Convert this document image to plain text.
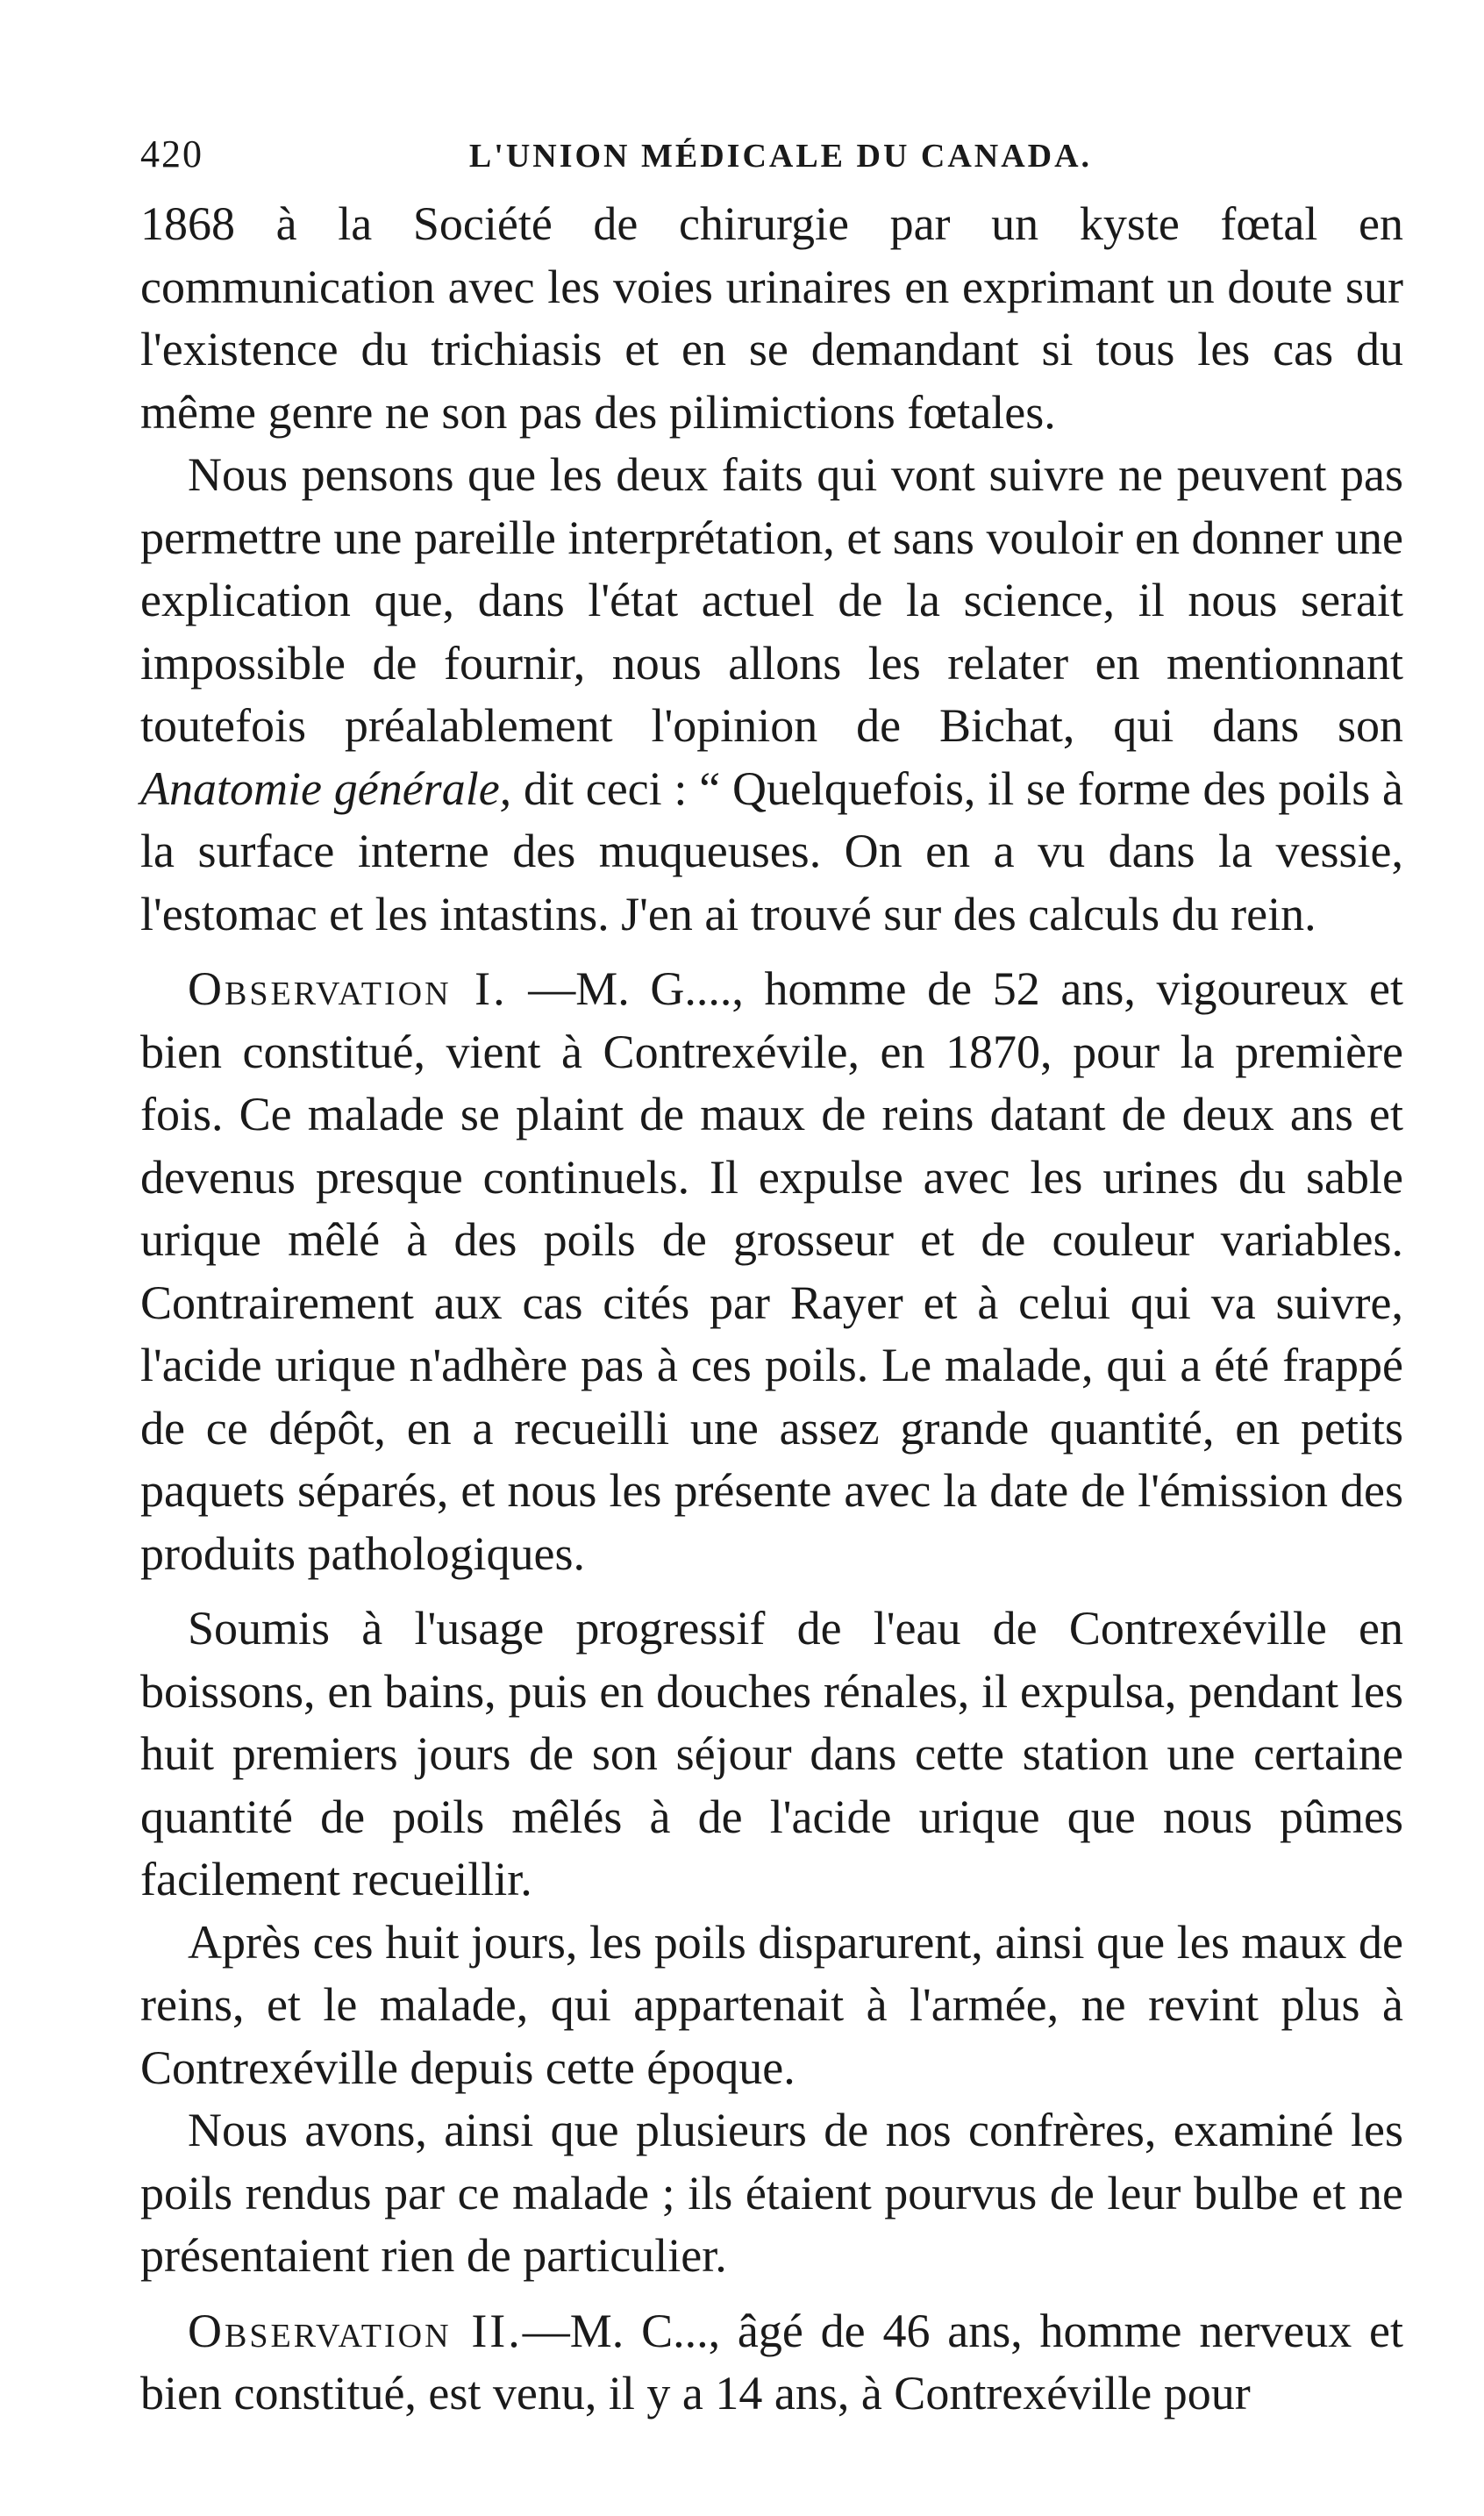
420	L'UNION MÉDICALE DU CANADA.

1868 à la Société de chirurgie par un kyste fœtal en communication avec les voies urinaires en exprimant un doute sur l'existence du trichiasis et en se demandant si tous les cas du même genre ne son pas des pilimictions fœtales.

Nous pensons que les deux faits qui vont suivre ne peuvent pas permettre une pareille interprétation, et sans vouloir en donner une explication que, dans l'état actuel de la science, il nous serait impossible de fournir, nous allons les relater en mentionnant toutefois préalablement l'opinion de Bichat, qui dans son Anatomie générale, dit ceci : “ Quelquefois, il se forme des poils à la surface interne des muqueuses. On en a vu dans la vessie, l'estomac et les intastins. J'en ai trouvé sur des calculs du rein.

Observation I. —M. G...., homme de 52 ans, vigoureux et bien constitué, vient à Contrexévile, en 1870, pour la première fois. Ce malade se plaint de maux de reins datant de deux ans et devenus presque continuels. Il expulse avec les urines du sable urique mêlé à des poils de grosseur et de couleur variables. Contrairement aux cas cités par Rayer et à celui qui va suivre, l'acide urique n'adhère pas à ces poils. Le malade, qui a été frappé de ce dépôt, en a recueilli une assez grande quantité, en petits paquets séparés, et nous les présente avec la date de l'émission des produits pathologiques.

Soumis à l'usage progressif de l'eau de Contrexéville en boissons, en bains, puis en douches rénales, il expulsa, pendant les huit premiers jours de son séjour dans cette station une certaine quantité de poils mêlés à de l'acide urique que nous pûmes facilement recueillir.

Après ces huit jours, les poils disparurent, ainsi que les maux de reins, et le malade, qui appartenait à l'armée, ne revint plus à Contrexéville depuis cette époque.

Nous avons, ainsi que plusieurs de nos confrères, examiné les poils rendus par ce malade ; ils étaient pourvus de leur bulbe et ne présentaient rien de particulier.

Observation II.—M. C..., âgé de 46 ans, homme nerveux et bien constitué, est venu, il y a 14 ans, à Contrexéville pour
